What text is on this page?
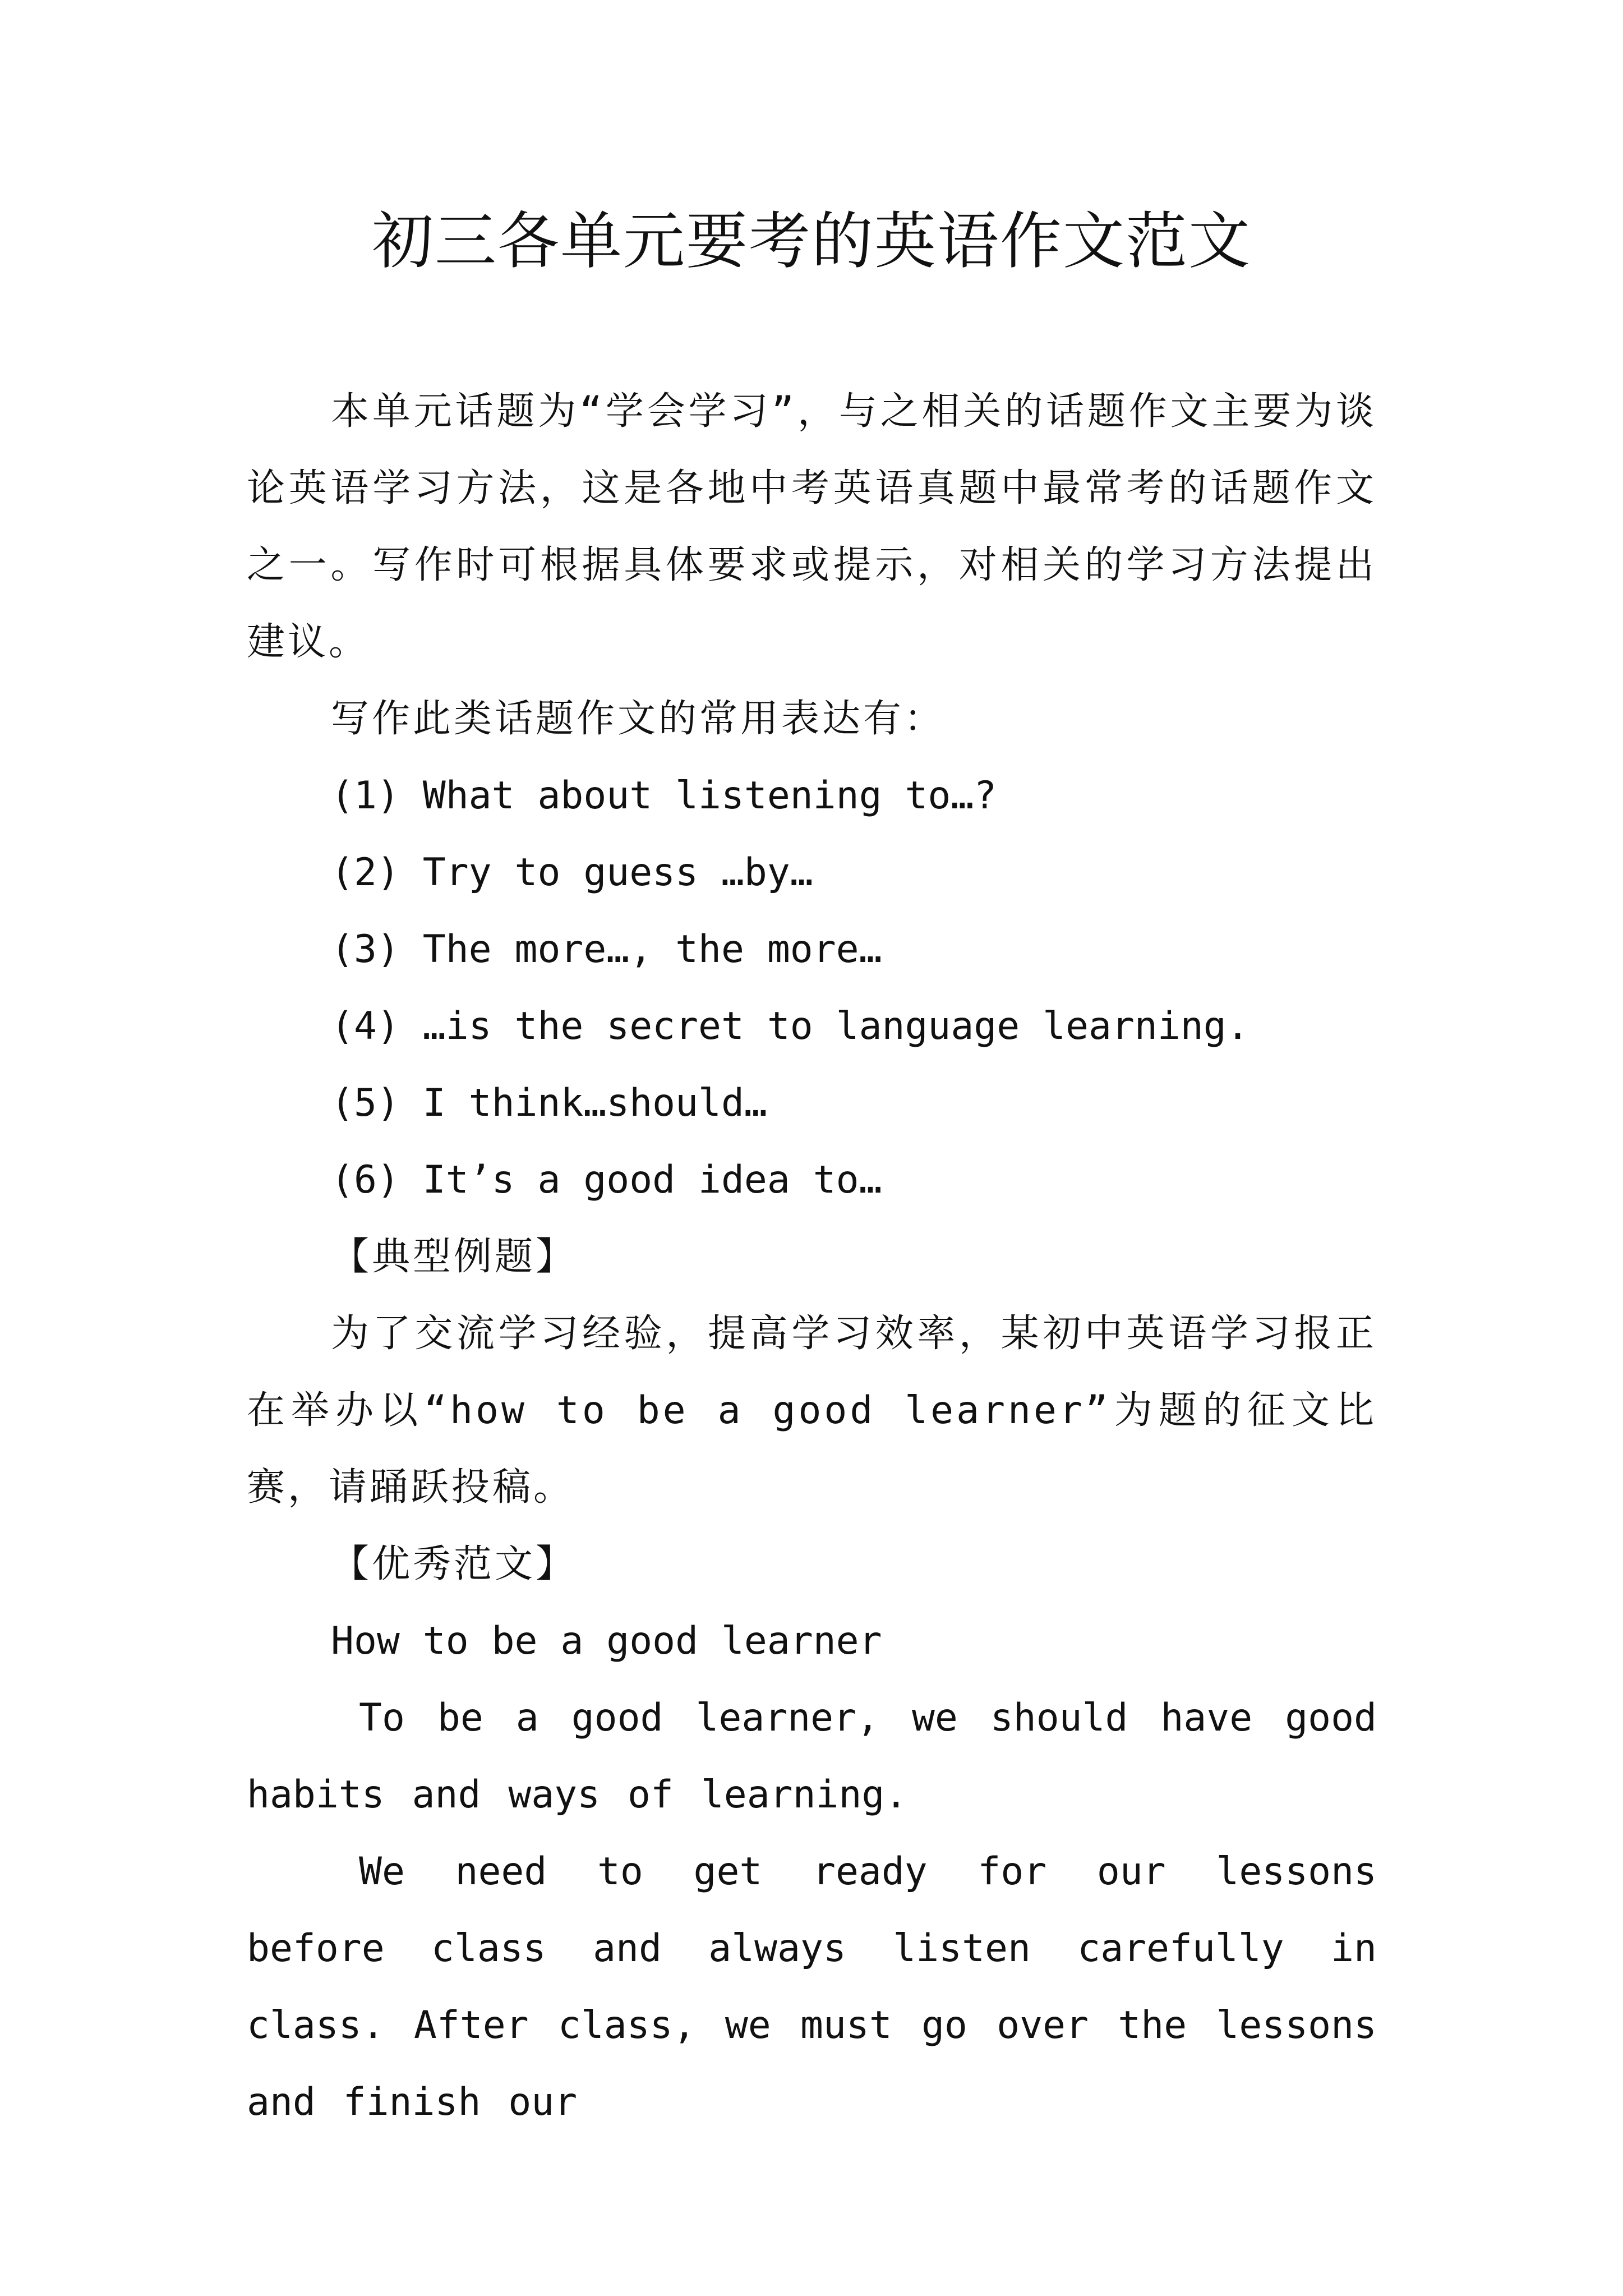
初三各单元要考的英语作文范文

本单元话题为“学会学习”，与之相关的话题作文主要为谈论英语学习方法，这是各地中考英语真题中最常考的话题作文之一。写作时可根据具体要求或提示，对相关的学习方法提出建议。

写作此类话题作文的常用表达有：

(1) What about listening to…?

(2) Try to guess …by…

(3) The more…, the more…

(4) …is the secret to language learning.

(5) I think…should…

(6) It’s a good idea to…

【典型例题】

为了交流学习经验，提高学习效率，某初中英语学习报正在举办以“how to be a good learner”为题的征文比赛，请踊跃投稿。

【优秀范文】

How to be a good learner

To be a good learner, we should have good habits and ways of learning.

We need to get ready for our lessons before class and always listen carefully in class. After class, we must go over the lessons and finish our
